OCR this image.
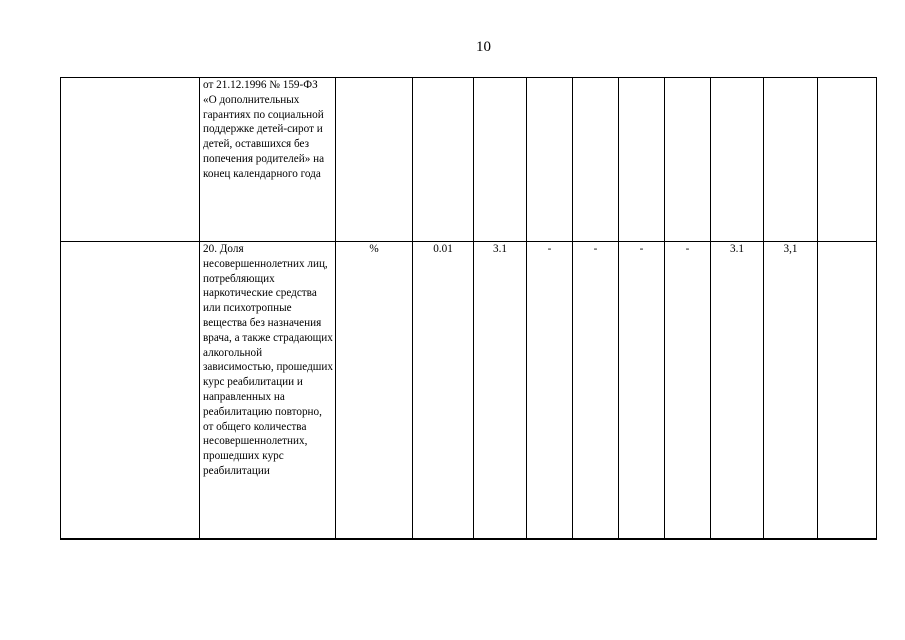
10
	от 21.12.1996 № 159-ФЗ «О дополнительных гарантиях по социальной поддержке детей-сирот и детей, оставшихся без попечения родителей» на конец календарного года										
	20. Доля несовершеннолетних лиц, потребляющих наркотические средства или психотропные вещества без назначения врача, а также страдающих алкогольной зависимостью, прошедших курс реабилитации и направленных на реабилитацию повторно, от общего количества несовершеннолетних, прошедших курс реабилитации	%	0.01	3.1	-	-	-	-	3.1	3,1	
